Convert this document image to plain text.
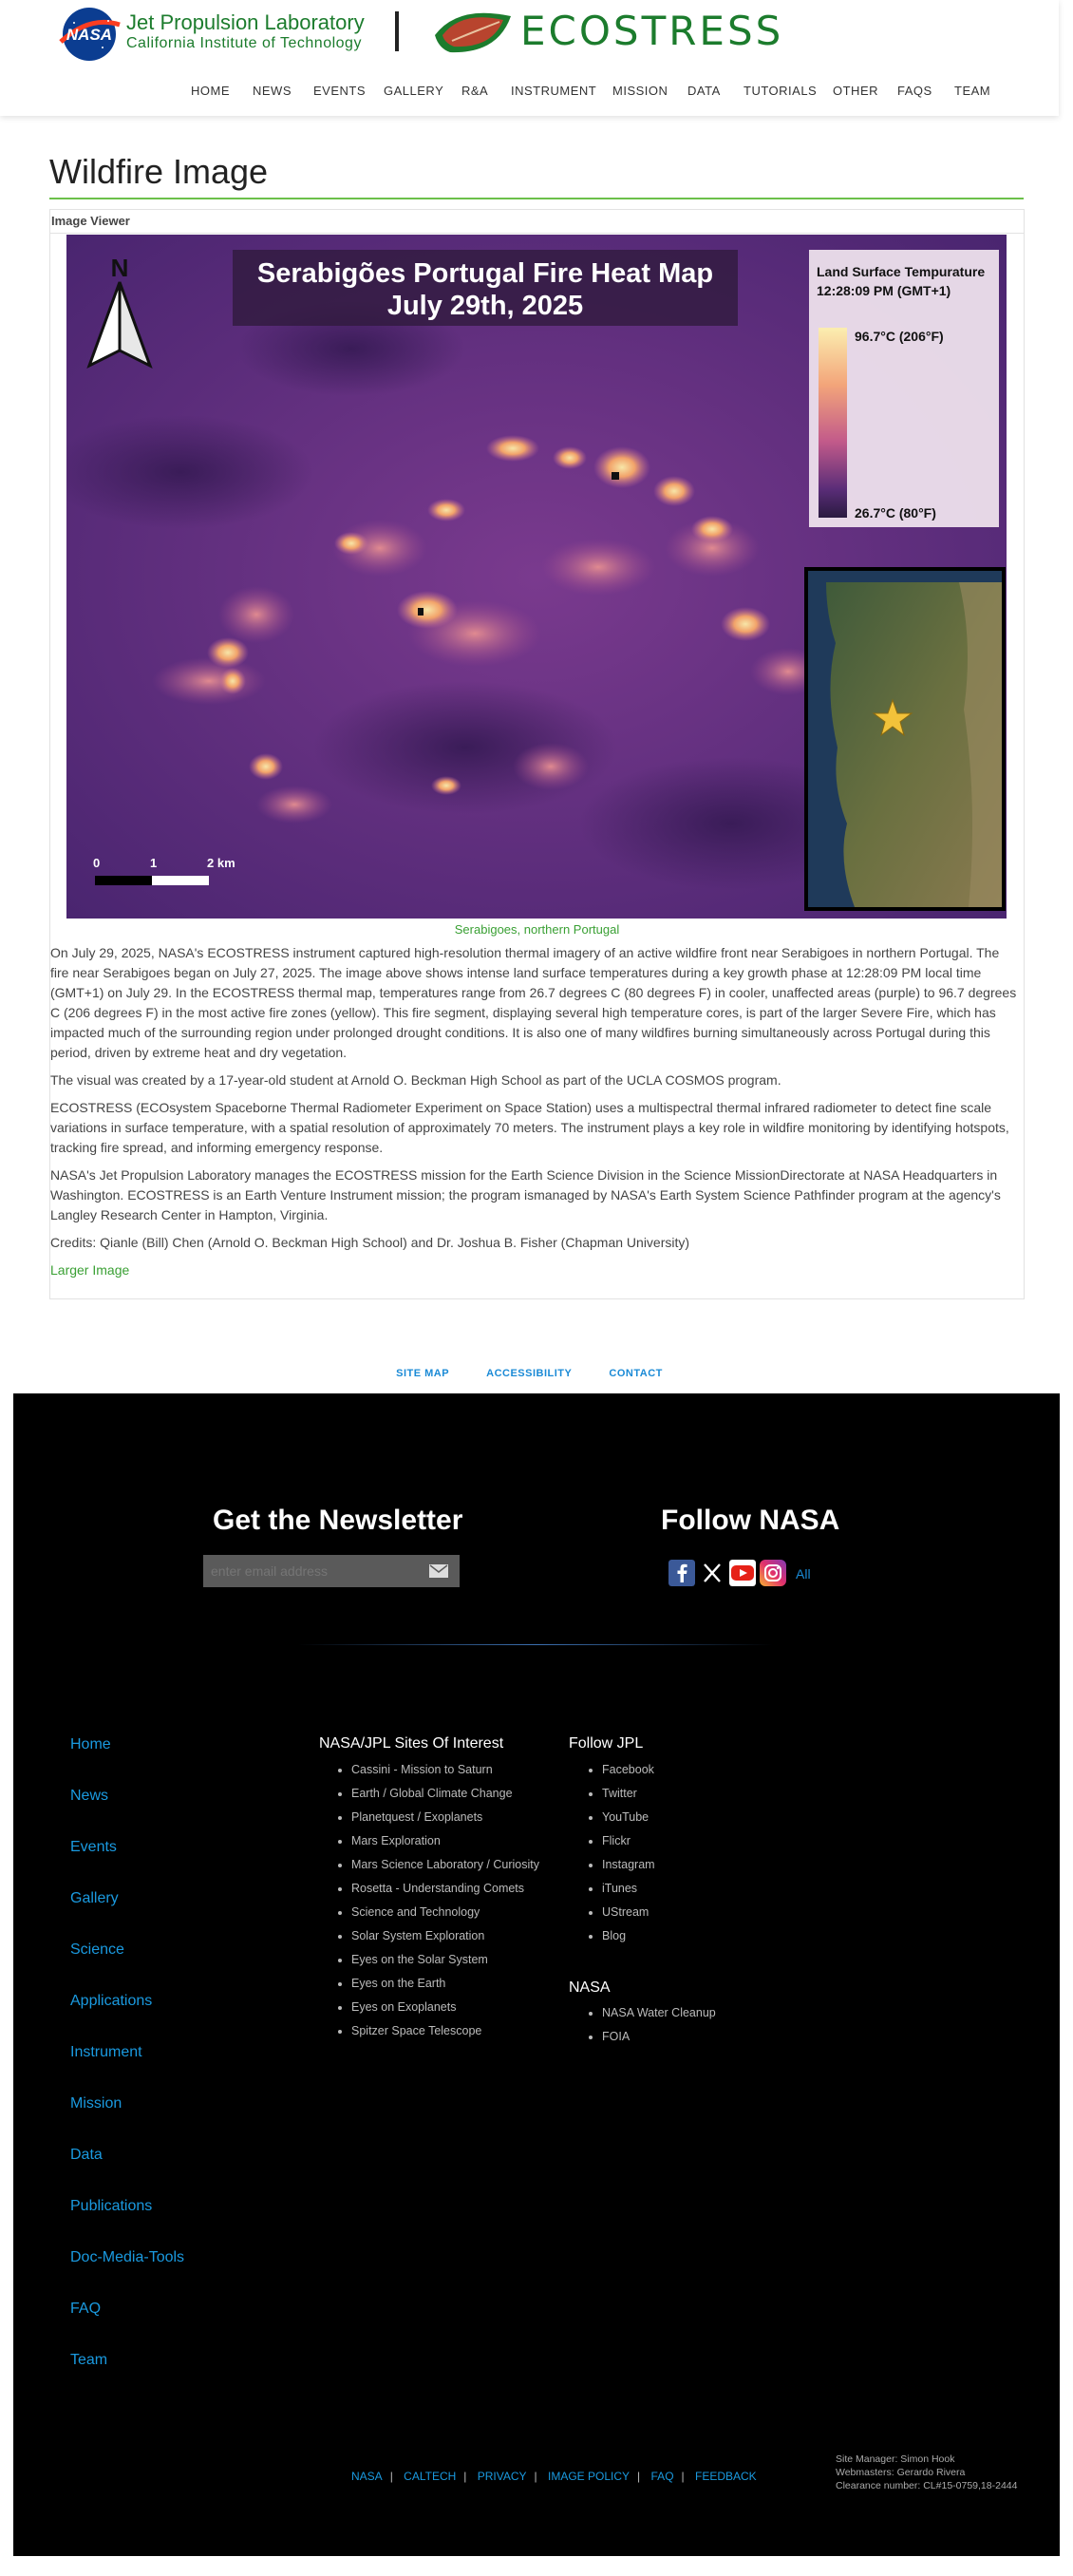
NASA
Jet Propulsion Laboratory
California Institute of Technology	ECOSTRESS
HOME NEWS EVENTS GALLERY R&A INSTRUMENT MISSION DATA TUTORIALS OTHER FAQS TEAM
Wildfire Image
Image Viewer
Serabigões Portugal Fire Heat Map
July 29th, 2025
N	Land Surface Tempurature
12:28:09 PM (GMT+1)
96.7°C (206°F)
26.7°C (80°F)
0	1	2 km
Serabigoes, northern Portugal

On July 29, 2025, NASA's ECOSTRESS instrument captured high-resolution thermal imagery of an active wildfire front near Serabigoes in northern Portugal. The fire near Serabigoes began on July 27, 2025. The image above shows intense land surface temperatures during a key growth phase at 12:28:09 PM local time (GMT+1) on July 29. In the ECOSTRESS thermal map, temperatures range from 26.7 degrees C (80 degrees F) in cooler, unaffected areas (purple) to 96.7 degrees C (206 degrees F) in the most active fire zones (yellow). This fire segment, displaying several high temperature cores, is part of the larger Severe Fire, which has impacted much of the surrounding region under prolonged drought conditions. It is also one of many wildfires burning simultaneously across Portugal during this period, driven by extreme heat and dry vegetation.

The visual was created by a 17-year-old student at Arnold O. Beckman High School as part of the UCLA COSMOS program.

ECOSTRESS (ECOsystem Spaceborne Thermal Radiometer Experiment on Space Station) uses a multispectral thermal infrared radiometer to detect fine scale variations in surface temperature, with a spatial resolution of approximately 70 meters. The instrument plays a key role in wildfire monitoring by identifying hotspots, tracking fire spread, and informing emergency response.

NASA's Jet Propulsion Laboratory manages the ECOSTRESS mission for the Earth Science Division in the Science MissionDirectorate at NASA Headquarters in Washington. ECOSTRESS is an Earth Venture Instrument mission; the program ismanaged by NASA's Earth System Science Pathfinder program at the agency's Langley Research Center in Hampton, Virginia.

Credits: Qianle (Bill) Chen (Arnold O. Beckman High School) and Dr. Joshua B. Fisher (Chapman University)

Larger Image
SITE MAP	ACCESSIBILITY	CONTACT
Get the Newsletter
enter email address	Follow NASA
All
Home
News
Events
Gallery
Science
Applications
Instrument
Mission
Data
Publications
Doc-Media-Tools
FAQ
Team
NASA/JPL Sites Of Interest
• Cassini - Mission to Saturn
• Earth / Global Climate Change
• Planetquest / Exoplanets
• Mars Exploration
• Mars Science Laboratory / Curiosity
• Rosetta - Understanding Comets
• Science and Technology
• Solar System Exploration
• Eyes on the Solar System
• Eyes on the Earth
• Eyes on Exoplanets
• Spitzer Space Telescope
Follow JPL
• Facebook
• Twitter
• YouTube
• Flickr
• Instagram
• iTunes
• UStream
• Blog
NASA
• NASA Water Cleanup
• FOIA
NASA | CALTECH | PRIVACY | IMAGE POLICY | FAQ | FEEDBACK
Site Manager: Simon Hook
Webmasters: Gerardo Rivera
Clearance number: CL#15-0759,18-2444
